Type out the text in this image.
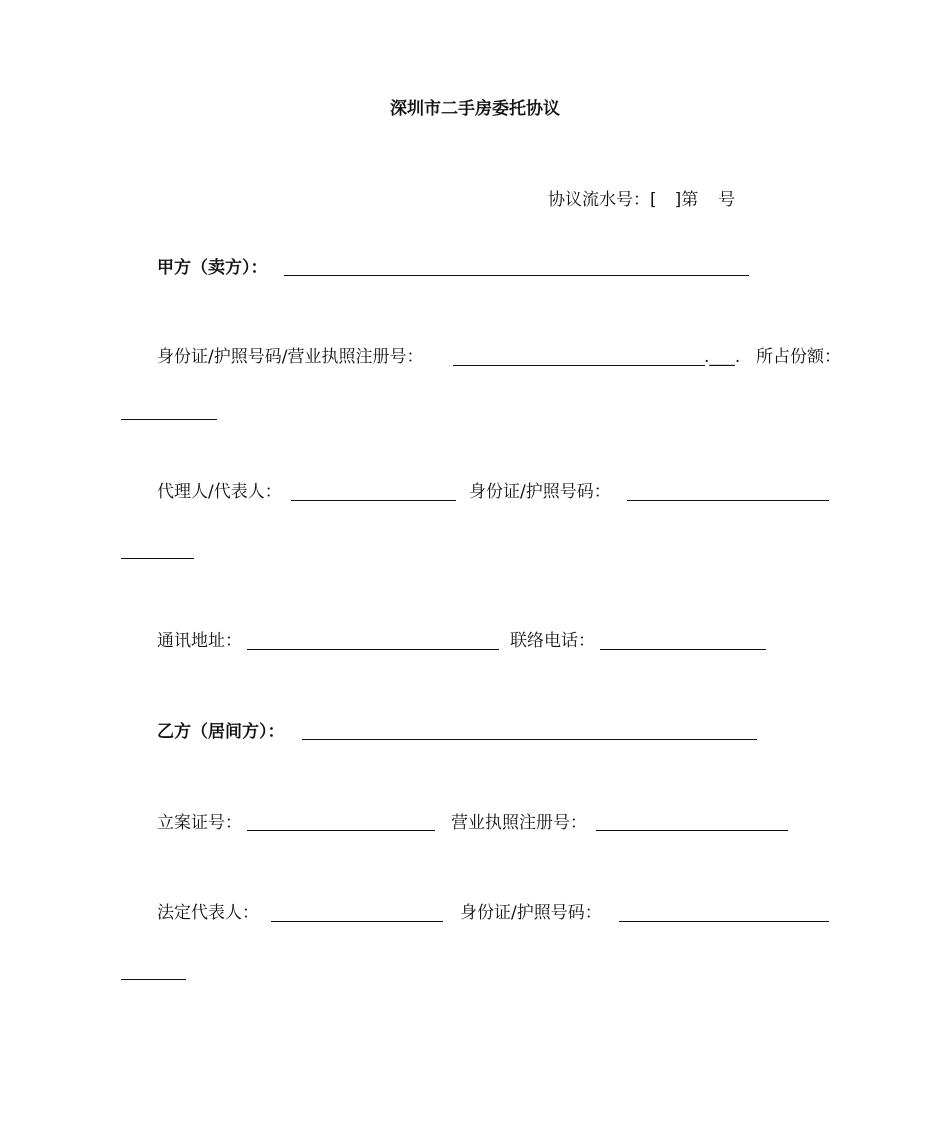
深圳市二手房委托协议
协议流水号：[ ]第 号
甲方（卖方）：
身份证/护照号码/营业执照注册号：	.___. 所占份额：
代理人/代表人：	身份证/护照号码：
通讯地址：	联络电话：
乙方（居间方）：
立案证号：	营业执照注册号：
法定代表人：	身份证/护照号码：
